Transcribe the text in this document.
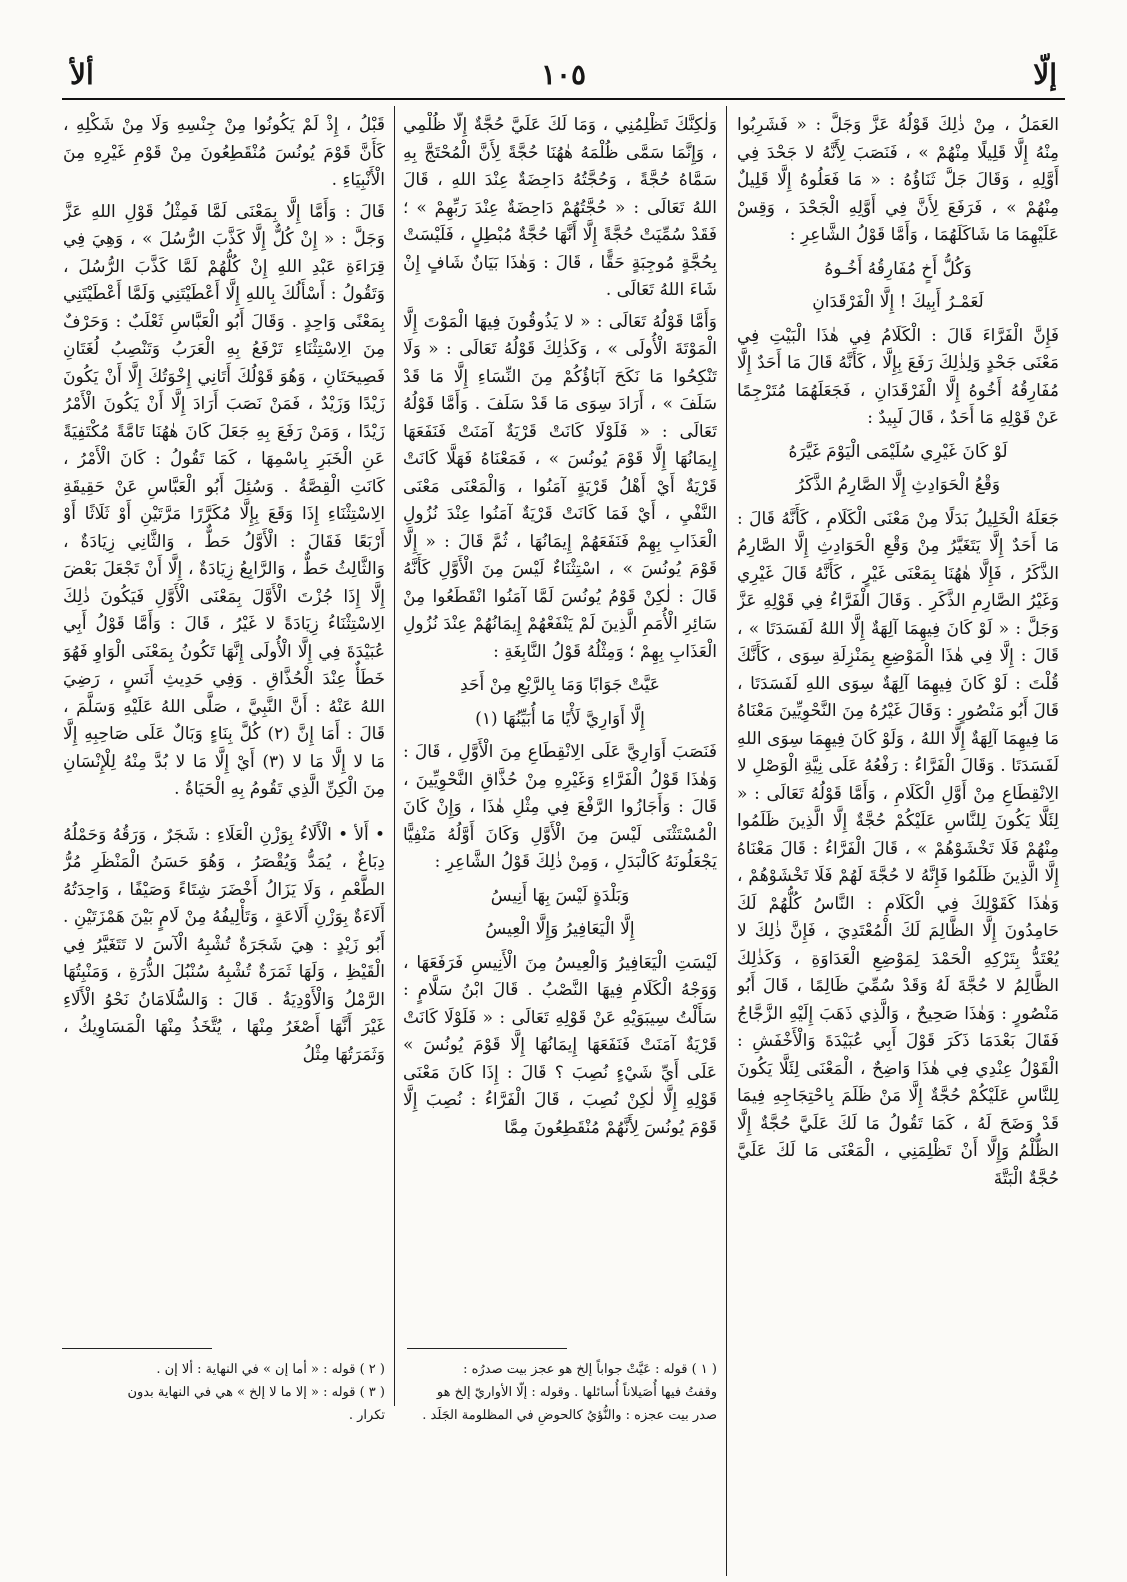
إلّا
١٠٥
ألأ

العَمَلُ ، مِنْ ذٰلِكَ قَوْلُهُ عَزَّ وَجَلَّ : « فَشَرِبُوا مِنْهُ إِلَّا قَلِيلًا مِنْهُمْ » ، فَنَصَبَ لِأَنَّهُ لا جَحْدَ فِي أَوَّلِهِ ، وَقَالَ جَلَّ ثَنَاؤُهُ : « مَا فَعَلُوهُ إِلَّا قَلِيلٌ مِنْهُمْ » ، فَرَفَعَ لِأَنَّ فِي أَوَّلِهِ الْجَحْدَ ، وَقِسْ عَلَيْهِمَا مَا شَاكَلَهُمَا ، وَأَمَّا قَوْلُ الشَّاعِرِ :

وَكُلُّ أَخٍ مُفَارِقُهُ أَخُـوهُ

لَعَمْـرُ أَبِيكَ ! إِلَّا الْفَرْقَدَانِ

فَإِنَّ الْفَرَّاءَ قَالَ : الْكَلَامُ فِي هٰذَا الْبَيْتِ فِي مَعْنَى جَحْدٍ وَلِذٰلِكَ رَفَعَ بِإِلَّا ، كَأَنَّهُ قَالَ مَا أَحَدٌ إِلَّا مُفَارِقُهُ أَخُوهُ إِلَّا الْفَرْقَدَانِ ، فَجَعَلَهُمَا مُتَرْجِمًا عَنْ قَوْلِهِ مَا أَحَدٌ ، قَالَ لَبِيدٌ :

لَوْ كَانَ غَيْرِي سُلَيْمَى الْيَوْمَ غَيَّرَهُ

وَقْعُ الْحَوَادِثِ إِلَّا الصَّارِمُ الذَّكَرُ

جَعَلَهُ الْخَلِيلُ بَدَلًا مِنْ مَعْنَى الْكَلَامِ ، كَأَنَّهُ قَالَ : مَا أَحَدٌ إِلَّا يَتَغَيَّرُ مِنْ وَقْعِ الْحَوَادِثِ إِلَّا الصَّارِمُ الذَّكَرُ ، فَإِلَّا هٰهُنَا بِمَعْنَى غَيْرٍ ، كَأَنَّهُ قَالَ غَيْرِي وَغَيْرُ الصَّارِمِ الذَّكَرِ . وَقَالَ الْفَرَّاءُ فِي قَوْلِهِ عَزَّ وَجَلَّ : « لَوْ كَانَ فِيهِمَا آلِهَةٌ إِلَّا اللهُ لَفَسَدَتَا » ، قَالَ : إِلَّا فِي هٰذَا الْمَوْضِعِ بِمَنْزِلَةِ سِوَى ، كَأَنَّكَ قُلْتَ : لَوْ كَانَ فِيهِمَا آلِهَةٌ سِوَى اللهِ لَفَسَدَتَا ، قَالَ أَبُو مَنْصُورٍ : وَقَالَ غَيْرُهُ مِنَ النَّحْوِيِّينَ مَعْنَاهُ مَا فِيهِمَا آلِهَةٌ إِلَّا اللهُ ، وَلَوْ كَانَ فِيهِمَا سِوَى اللهِ لَفَسَدَتَا . وَقَالَ الْفَرَّاءُ : رَفْعُهُ عَلَى نِيَّةِ الْوَصْلِ لا الِانْقِطَاعِ مِنْ أَوَّلِ الْكَلَامِ ، وَأَمَّا قَوْلُهُ تَعَالَى : « لِئَلَّا يَكُونَ لِلنَّاسِ عَلَيْكُمْ حُجَّةٌ إِلَّا الَّذِينَ ظَلَمُوا مِنْهُمْ فَلَا تَخْشَوْهُمْ » ، قَالَ الْفَرَّاءُ : قَالَ مَعْنَاهُ إِلَّا الَّذِينَ ظَلَمُوا فَإِنَّهُ لا حُجَّةَ لَهُمْ فَلَا تَخْشَوْهُمْ ، وَهٰذَا كَقَوْلِكَ فِي الْكَلَامِ : النَّاسُ كُلُّهُمْ لَكَ حَامِدُونَ إِلَّا الظَّالِمَ لَكَ الْمُعْتَدِيَ ، فَإِنَّ ذٰلِكَ لا يُعْتَدُّ بِتَرْكِهِ الْحَمْدَ لِمَوْضِعِ الْعَدَاوَةِ ، وَكَذٰلِكَ الظَّالِمُ لا حُجَّةَ لَهُ وَقَدْ سُمِّيَ ظَالِمًا ، قَالَ أَبُو مَنْصُورٍ : وَهٰذَا صَحِيحٌ ، وَالَّذِي ذَهَبَ إِلَيْهِ الزَّجَّاجُ فَقَالَ بَعْدَمَا ذَكَرَ قَوْلَ أَبِي عُبَيْدَةَ وَالْأَخْفَشِ : الْقَوْلُ عِنْدِي فِي هٰذَا وَاضِحٌ ، الْمَعْنَى لِئَلَّا يَكُونَ لِلنَّاسِ عَلَيْكُمْ حُجَّةٌ إِلَّا مَنْ ظَلَمَ بِاحْتِجَاجِهِ فِيمَا قَدْ وَضَحَ لَهُ ، كَمَا تَقُولُ مَا لَكَ عَلَيَّ حُجَّةٌ إِلَّا الظُّلْمُ وَإِلَّا أَنْ تَظْلِمَنِي ، الْمَعْنَى مَا لَكَ عَلَيَّ حُجَّةٌ الْبَتَّةَ

وَلٰكِنَّكَ تَظْلِمُنِي ، وَمَا لَكَ عَلَيَّ حُجَّةٌ إِلَّا ظُلْمِي ، وَإِنَّمَا سَمَّى ظُلْمَهُ هٰهُنَا حُجَّةً لِأَنَّ الْمُحْتَجَّ بِهِ سَمَّاهُ حُجَّةً ، وَحُجَّتُهُ دَاحِضَةٌ عِنْدَ اللهِ ، قَالَ اللهُ تَعَالَى : « حُجَّتُهُمْ دَاحِضَةٌ عِنْدَ رَبِّهِمْ » ؛ فَقَدْ سُمِّيَتْ حُجَّةً إِلَّا أَنَّهَا حُجَّةٌ مُبْطِلٍ ، فَلَيْسَتْ بِحُجَّةٍ مُوجِبَةٍ حَقًّا ، قَالَ : وَهٰذَا بَيَانٌ شَافٍ إِنْ شَاءَ اللهُ تَعَالَى .

وَأَمَّا قَوْلُهُ تَعَالَى : « لا يَذُوقُونَ فِيهَا الْمَوْتَ إِلَّا الْمَوْتَةَ الْأُولَى » ، وَكَذٰلِكَ قَوْلُهُ تَعَالَى : « وَلَا تَنْكِحُوا مَا نَكَحَ آبَاؤُكُمْ مِنَ النِّسَاءِ إِلَّا مَا قَدْ سَلَفَ » ، أَرَادَ سِوَى مَا قَدْ سَلَفَ . وَأَمَّا قَوْلُهُ تَعَالَى : « فَلَوْلَا كَانَتْ قَرْيَةٌ آمَنَتْ فَنَفَعَهَا إِيمَانُهَا إِلَّا قَوْمَ يُونُسَ » ، فَمَعْنَاهُ فَهَلَّا كَانَتْ قَرْيَةٌ أَيْ أَهْلُ قَرْيَةٍ آمَنُوا ، وَالْمَعْنَى مَعْنَى النَّفْيِ ، أَيْ فَمَا كَانَتْ قَرْيَةٌ آمَنُوا عِنْدَ نُزُولِ الْعَذَابِ بِهِمْ فَنَفَعَهُمْ إِيمَانُهَا ، ثُمَّ قَالَ : « إِلَّا قَوْمَ يُونُسَ » ، اسْتِثْنَاءٌ لَيْسَ مِنَ الْأَوَّلِ كَأَنَّهُ قَالَ : لٰكِنْ قَوْمُ يُونُسَ لَمَّا آمَنُوا انْقَطَعُوا مِنْ سَائِرِ الْأُمَمِ الَّذِينَ لَمْ يَنْفَعْهُمْ إِيمَانُهُمْ عِنْدَ نُزُولِ الْعَذَابِ بِهِمْ ؛ وَمِثْلُهُ قَوْلُ النَّابِغَةِ :

عَيَّتْ جَوَابًا وَمَا بِالرَّبْعِ مِنْ أَحَدِ

إِلَّا أَوَارِيَّ لَأْيًا مَا أُبَيِّنُهَا (١)

فَنَصَبَ أَوَارِيَّ عَلَى الِانْقِطَاعِ مِنَ الْأَوَّلِ ، قَالَ : وَهٰذَا قَوْلُ الْفَرَّاءِ وَغَيْرِهِ مِنْ حُذَّاقِ النَّحْوِيِّينَ ، قَالَ : وَأَجَازُوا الرَّفْعَ فِي مِثْلِ هٰذَا ، وَإِنْ كَانَ الْمُسْتَثْنَى لَيْسَ مِنَ الْأَوَّلِ وَكَانَ أَوَّلُهُ مَنْفِيًّا يَجْعَلُونَهُ كَالْبَدَلِ ، وَمِنْ ذٰلِكَ قَوْلُ الشَّاعِرِ :

وَبَلْدَةٍ لَيْسَ بِهَا أَنِيسُ

إِلَّا الْيَعَافِيرُ وَإِلَّا الْعِيسُ

لَيْسَتِ الْيَعَافِيرُ وَالْعِيسُ مِنَ الْأَنِيسِ فَرَفَعَهَا ، وَوَجْهُ الْكَلَامِ فِيهَا النَّصْبُ . قَالَ ابْنُ سَلَّامٍ : سَأَلْتُ سِيبَوَيْهِ عَنْ قَوْلِهِ تَعَالَى : « فَلَوْلَا كَانَتْ قَرْيَةٌ آمَنَتْ فَنَفَعَهَا إِيمَانُهَا إِلَّا قَوْمَ يُونُسَ » عَلَى أَيِّ شَيْءٍ نُصِبَ ؟ قَالَ : إِذَا كَانَ مَعْنَى قَوْلِهِ إِلَّا لٰكِنْ نُصِبَ ، قَالَ الْفَرَّاءُ : نُصِبَ إِلَّا قَوْمَ يُونُسَ لِأَنَّهُمْ مُنْقَطِعُونَ مِمَّا

قَبْلُ ، إِذْ لَمْ يَكُونُوا مِنْ جِنْسِهِ وَلَا مِنْ شَكْلِهِ ، كَأَنَّ قَوْمَ يُونُسَ مُنْقَطِعُونَ مِنْ قَوْمِ غَيْرِهِ مِنَ الْأَنْبِيَاءِ .

قَالَ : وَأَمَّا إِلَّا بِمَعْنَى لَمَّا فَمِثْلُ قَوْلِ اللهِ عَزَّ وَجَلَّ : « إِنْ كُلٌّ إِلَّا كَذَّبَ الرُّسُلَ » ، وَهِيَ فِي قِرَاءَةِ عَبْدِ اللهِ إِنْ كُلُّهُمْ لَمَّا كَذَّبَ الرُّسُلَ ، وَتَقُولُ : أَسْأَلُكَ بِاللهِ إِلَّا أَعْطَيْتَنِي وَلَمَّا أَعْطَيْتَنِي بِمَعْنًى وَاحِدٍ . وَقَالَ أَبُو الْعَبَّاسِ ثَعْلَبٌ : وَحَرْفٌ مِنَ الِاسْتِثْنَاءِ تَرْفَعُ بِهِ الْعَرَبُ وَتَنْصِبُ لُغَتَانِ فَصِيحَتَانِ ، وَهُوَ قَوْلُكَ أَتَانِي إِخْوَتُكَ إِلَّا أَنْ يَكُونَ زَيْدًا وَزَيْدٌ ، فَمَنْ نَصَبَ أَرَادَ إِلَّا أَنْ يَكُونَ الْأَمْرُ زَيْدًا ، وَمَنْ رَفَعَ بِهِ جَعَلَ كَانَ هٰهُنَا تَامَّةً مُكْتَفِيَةً عَنِ الْخَبَرِ بِاسْمِهَا ، كَمَا تَقُولُ : كَانَ الْأَمْرُ ، كَانَتِ الْقِصَّةُ . وَسُئِلَ أَبُو الْعَبَّاسِ عَنْ حَقِيقَةِ الِاسْتِثْنَاءِ إِذَا وَقَعَ بِإِلَّا مُكَرَّرًا مَرَّتَيْنِ أَوْ ثَلَاثًا أَوْ أَرْبَعًا فَقَالَ : الْأَوَّلُ حَطٌّ ، وَالثَّانِي زِيَادَةٌ ، وَالثَّالِثُ حَطٌّ ، وَالرَّابِعُ زِيَادَةٌ ، إِلَّا أَنْ تَجْعَلَ بَعْضَ إِلَّا إِذَا جُزْتَ الْأَوَّلَ بِمَعْنَى الْأَوَّلِ فَيَكُونَ ذٰلِكَ الِاسْتِثْنَاءُ زِيَادَةً لا غَيْرُ ، قَالَ : وَأَمَّا قَوْلُ أَبِي عُبَيْدَةَ فِي إِلَّا الْأُولَى إِنَّهَا تَكُونُ بِمَعْنَى الْوَاوِ فَهُوَ خَطَأٌ عِنْدَ الْحُذَّاقِ . وَفِي حَدِيثِ أَنَسٍ ، رَضِيَ اللهُ عَنْهُ : أَنَّ النَّبِيَّ ، صَلَّى اللهُ عَلَيْهِ وَسَلَّمَ ، قَالَ : أَمَا إِنَّ (٢) كُلَّ بِنَاءٍ وَبَالٌ عَلَى صَاحِبِهِ إِلَّا مَا لا إِلَّا مَا لا (٣) أَيْ إِلَّا مَا لا بُدَّ مِنْهُ لِلْإِنْسَانِ مِنَ الْكِنِّ الَّذِي تَقُومُ بِهِ الْحَيَاةُ .

• أَلأ • الْأَلَاءُ بِوَزْنِ الْعَلَاءِ : شَجَرٌ ، وَرَقُهُ وَحَمْلُهُ دِبَاغٌ ، يُمَدُّ وَيُقْصَرُ ، وَهُوَ حَسَنُ الْمَنْظَرِ مُرُّ الطَّعْمِ ، وَلَا يَزَالُ أَخْضَرَ شِتَاءً وَصَيْفًا ، وَاحِدَتُهُ أَلَاءَةٌ بِوَزْنِ أَلَاعَةٍ ، وَتَأْلِيفُهُ مِنْ لَامٍ بَيْنَ هَمْزَتَيْنِ . أَبُو زَيْدٍ : هِيَ شَجَرَةٌ تُشْبِهُ الْآسَ لا تَتَغَيَّرُ فِي الْقَيْظِ ، وَلَهَا ثَمَرَةٌ تُشْبِهُ سُنْبُلَ الذُّرَةِ ، وَمَنْبِتُهَا الرَّمْلُ وَالْأَوْدِيَةُ . قَالَ : وَالسُّلَامَانُ نَحْوُ الْأَلَاءِ غَيْرَ أَنَّهَا أَصْغَرُ مِنْهَا ، يُتَّخَذُ مِنْهَا الْمَسَاوِيكُ ، وَثَمَرَتُهَا مِثْلُ

( ١ ) قوله : عَيَّتْ جواباً إلخ هو عجز بيت صدرُه :

وقفتُ فيها أُصَيلاناً أُسائلها . وقوله : إلّا الأواريّ إلخ هو

صدر بيت عجزه : والنُّؤيُ كالحوضِ في المظلومة الجَلَد .

( ٢ ) قوله : « أما إن » في النهاية : ألا إن .

( ٣ ) قوله : « إلا ما لا إلخ » هي في النهاية بدون

تكرار .
